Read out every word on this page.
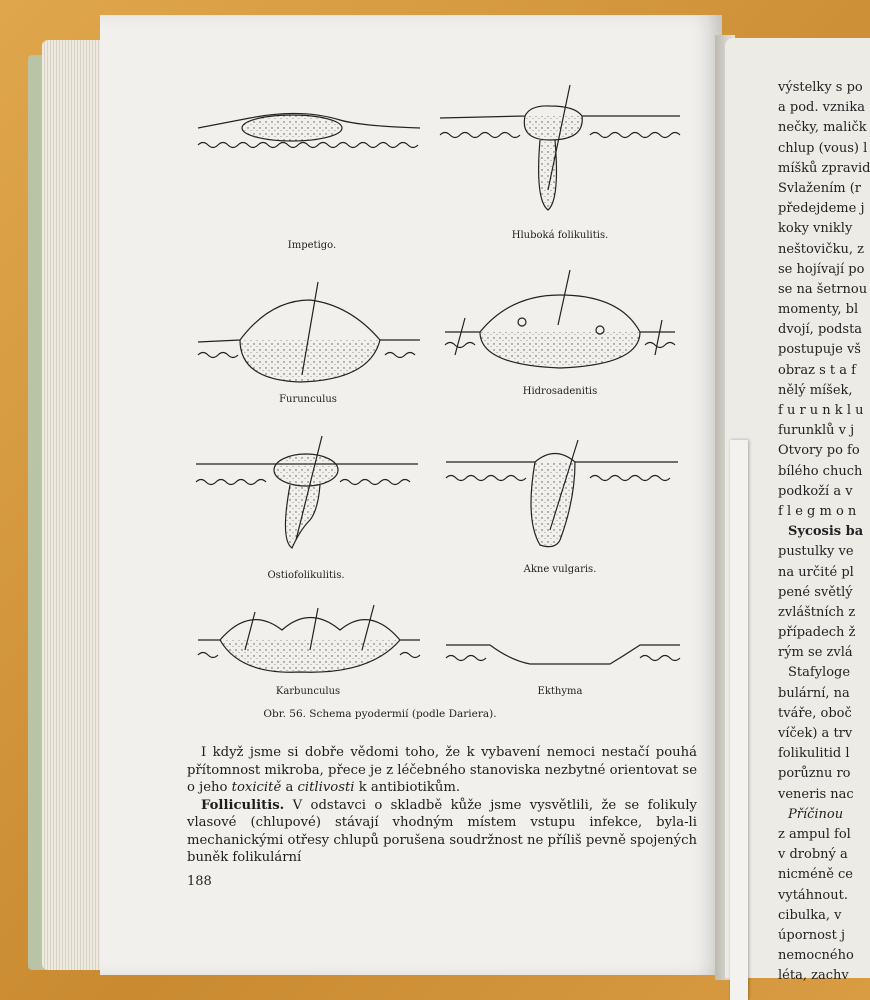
Impetigo.
Hluboká folikulitis.
Furunculus
Hidrosadenitis
Ostiofolikulitis.
Akne vulgaris.
Karbunculus	Ekthyma
Obr. 56. Schema pyodermií (podle Dariera).

I když jsme si dobře vědomi toho, že k vybavení nemoci nestačí pouhá přítomnost mikroba, přece je z léčebného stanoviska nezbytné orientovat se o jeho toxicitě a citlivosti k antibiotikům.

Folliculitis. V odstavci o skladbě kůže jsme vysvětlili, že se folikuly vlasové (chlupové) stávají vhodným místem vstupu infekce, byla-li mechanickými otřesy chlupů porušena soudržnost ne příliš pevně spojených buněk folikulární

188
výstelky s po
a pod. vznika
nečky, maličk
chlup (vous) l
míšků zpravid
Svlažením (r
předejdeme j
koky vnikly
neštovičku, z
se hojívají po
se na šetrnou
momenty, bl
dvojí, podsta
postupuje vš
obraz s t a f
nělý míšek,
f u r u n k l u
furunklů v j
Otvory po fo
bílého chuch
podkoží a v
f l e g m o n
Sycosis ba
pustulky ve
na určité pl
pené světlý
zvláštních z
případech ž
rým se zvlá
Stafyloge
bulární, na
tváře, oboč
víček) a trv
folikulitid l
porůznu ro
veneris nac
Příčinou
z ampul fol
v drobný a
nicméně ce
vytáhnout.
cibulka, v
úpornost j
nemocného
léta, zachv
